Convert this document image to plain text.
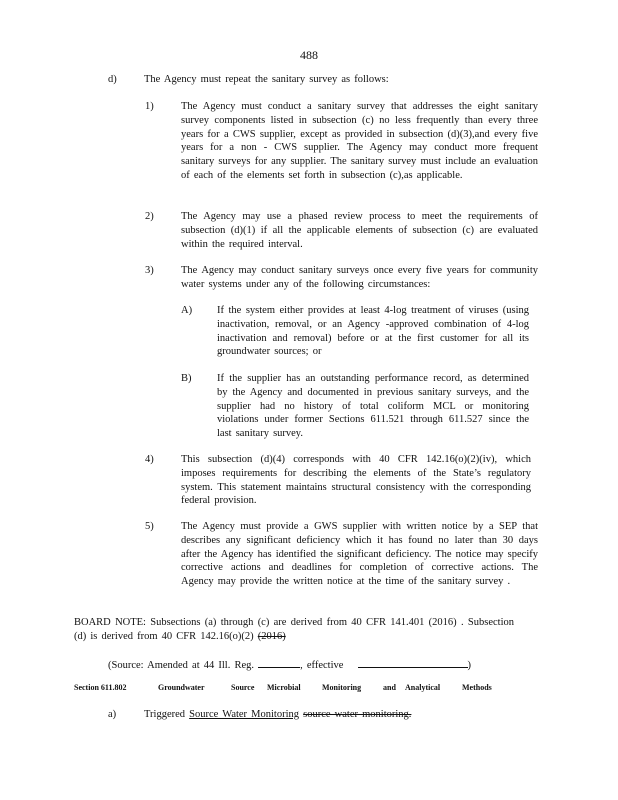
488
d)	The Agency must repeat the sanitary survey as follows:
1)	The Agency must conduct a sanitary survey that addresses the eight sanitary survey components listed in subsection (c) no less frequently than every three years for a CWS supplier, except as provided in subsection (d)(3),and every five years for a non - CWS supplier. The Agency may conduct more frequent sanitary surveys for any supplier. The sanitary survey must include an evaluation of each of the elements set forth in subsection (c),as applicable.
2)	The Agency may use a phased review process to meet the requirements of subsection (d)(1) if all the applicable elements of subsection (c) are evaluated within the required interval.
3)	The Agency may conduct sanitary surveys once every five years for community water systems under any of the following circumstances:
A) If the system either provides at least 4-log treatment of viruses (using inactivation, removal, or an Agency -approved combination of 4-log inactivation and removal) before or at the first customer for all its groundwater sources; or
B) If the supplier has an outstanding performance record, as determined by the Agency and documented in previous sanitary surveys, and the supplier had no history of total coliform MCL or monitoring violations under former Sections 611.521 through 611.527 since the last sanitary survey.
4)	This subsection (d)(4) corresponds with 40 CFR 142.16(o)(2)(iv), which imposes requirements for describing the elements of the State’s regulatory system. This statement maintains structural consistency with the corresponding federal provision.
5)	The Agency must provide a GWS supplier with written notice by a SEP that describes any significant deficiency which it has found no later than 30 days after the Agency has identified the significant deficiency. The notice may specify corrective actions and deadlines for completion of corrective actions. The Agency may provide the written notice at the time of the sanitary survey .
BOARD NOTE: Subsections (a) through (c) are derived from 40 CFR 141.401 (2016) . Subsection (d) is derived from 40 CFR 142.16(o)(2) (2016)
(Source: Amended at 44 Ill. Reg.	, effective	)
Section 611.802	Groundwater	Source Microbial	Monitoring	and Analytical	Methods
a)	Triggered Source Water Monitoring source water monitoring.
